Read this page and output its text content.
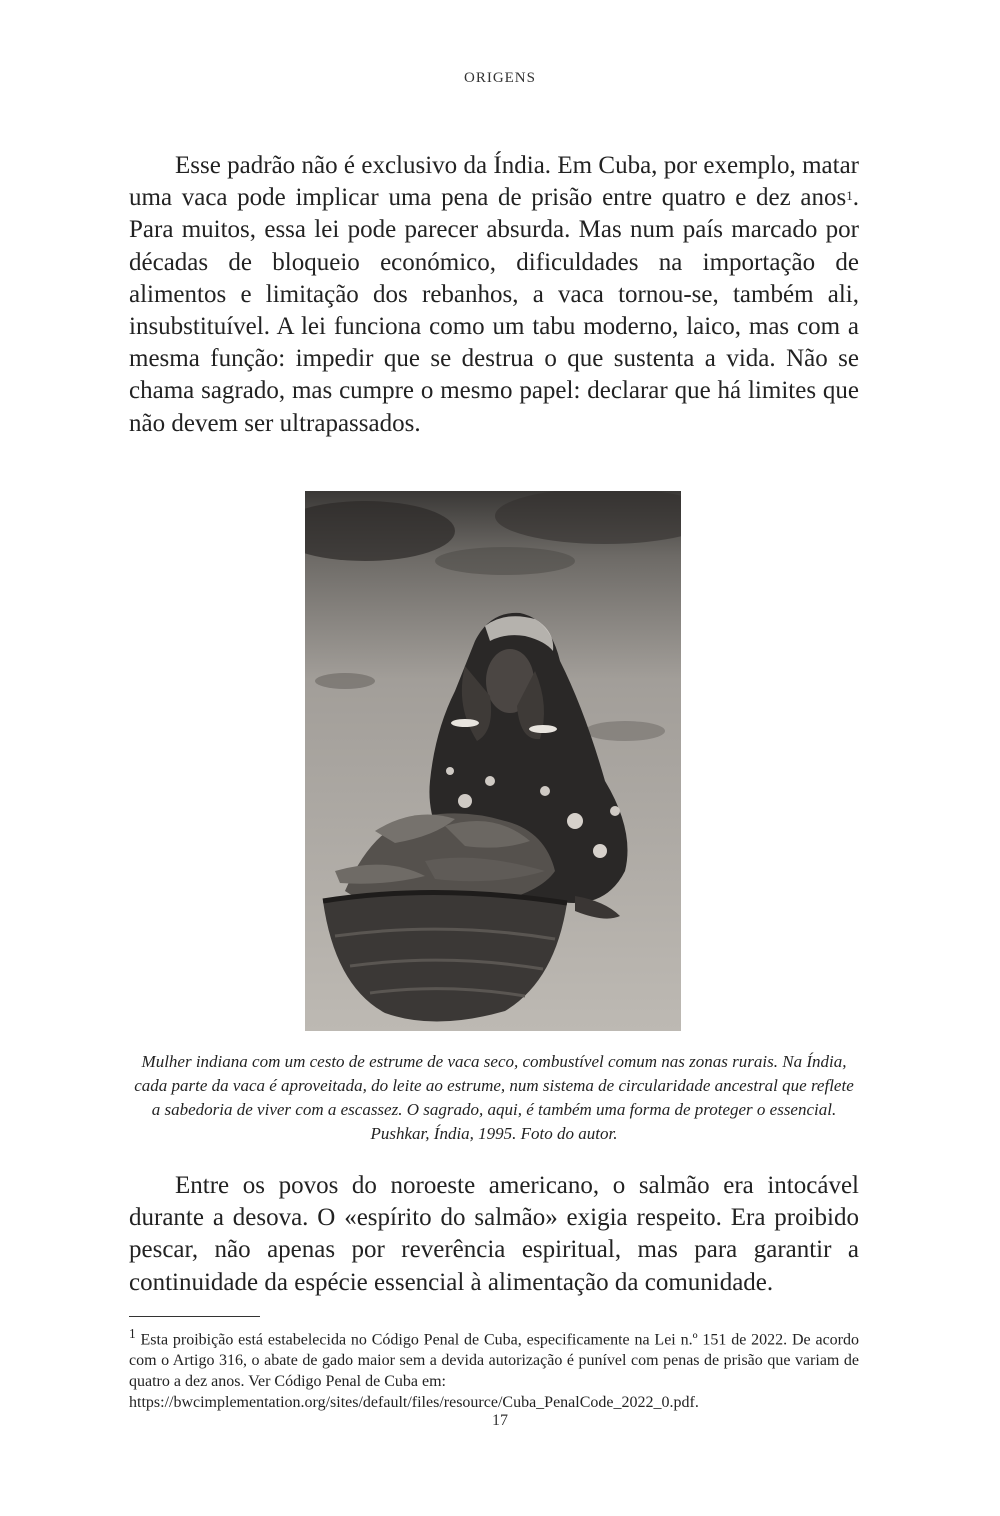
ORIGENS

Esse padrão não é exclusivo da Índia. Em Cuba, por exemplo, matar uma vaca pode implicar uma pena de prisão entre quatro e dez anos$^1$. Para muitos, essa lei pode parecer absurda. Mas num país marcado por décadas de bloqueio económico, dificuldades na importação de alimentos e limitação dos rebanhos, a vaca tornou-se, também ali, insubstituível. A lei funciona como um tabu moderno, laico, mas com a mesma função: impedir que se destrua o que sustenta a vida. Não se chama sagrado, mas cumpre o mesmo papel: declarar que há limites que não devem ser ultrapassados.

Mulher indiana com um cesto de estrume de vaca seco, combustível comum nas zonas rurais. Na Índia, cada parte da vaca é aproveitada, do leite ao estrume, num sistema de circularidade ancestral que reflete a sabedoria de viver com a escassez. O sagrado, aqui, é também uma forma de proteger o essencial. Pushkar, Índia, 1995. Foto do autor.

Entre os povos do noroeste americano, o salmão era intocável durante a desova. O «espírito do salmão» exigia respeito. Era proibido pescar, não apenas por reverência espiritual, mas para garantir a continuidade da espécie essencial à alimentação da comunidade.

$^1$ Esta proibição está estabelecida no Código Penal de Cuba, especificamente na Lei n.º 151 de 2022. De acordo com o Artigo 316, o abate de gado maior sem a devida autorização é punível com penas de prisão que variam de quatro a dez anos. Ver Código Penal de Cuba em:
https://bwcimplementation.org/sites/default/files/resource/Cuba_PenalCode_2022_0.pdf.

17
